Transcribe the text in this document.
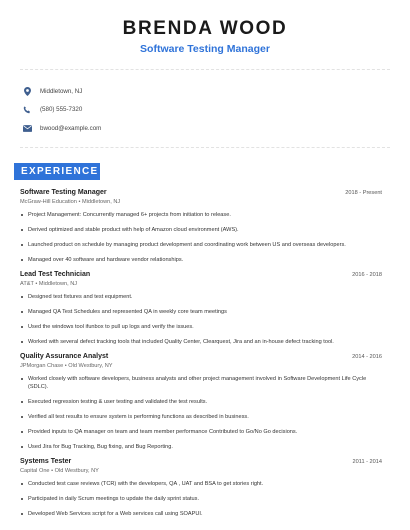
BRENDA WOOD
Software Testing Manager
Middletown, NJ
(580) 555-7320
bwood@example.com
EXPERIENCE
Software Testing Manager	2018 - Present
McGraw-Hill Education • Middletown, NJ
Project Management: Concurrently managed 6+ projects from initiation to release.
Derived optimized and stable product with help of Amazon cloud environment (AWS).
Launched product on schedule by managing product development and coordinating work between US and overseas developers.
Managed over 40 software and hardware vendor relationships.
Lead Test Technician	2016 - 2018
AT&T • Middletown, NJ
Designed test fixtures and test equipment.
Managed QA Test Schedules and represented QA in weekly core team meetings
Used the windows tool ifunbox to pull up logs and verify the issues.
Worked with several defect tracking tools that included Quality Center, Clearquest, Jira and an in-house defect tracking tool.
Quality Assurance Analyst	2014 - 2016
JPMorgan Chase • Old Westbury, NY
Worked closely with software developers, business analysts and other project management involved in Software Development Life Cycle (SDLC).
Executed regression testing & user testing and validated the test results.
Verified all test results to ensure system is performing functions as described in business.
Provided inputs to QA manager on team and team member performance Contributed to Go/No Go decisions.
Used Jira for Bug Tracking, Bug fixing, and Bug Reporting.
Systems Tester	2011 - 2014
Capital One • Old Westbury, NY
Conducted test case reviews (TCR) with the developers, QA , UAT and BSA to get stories right.
Participated in daily Scrum meetings to update the daily sprint status.
Developed Web Services script for a Web services call using SOAPUI.
